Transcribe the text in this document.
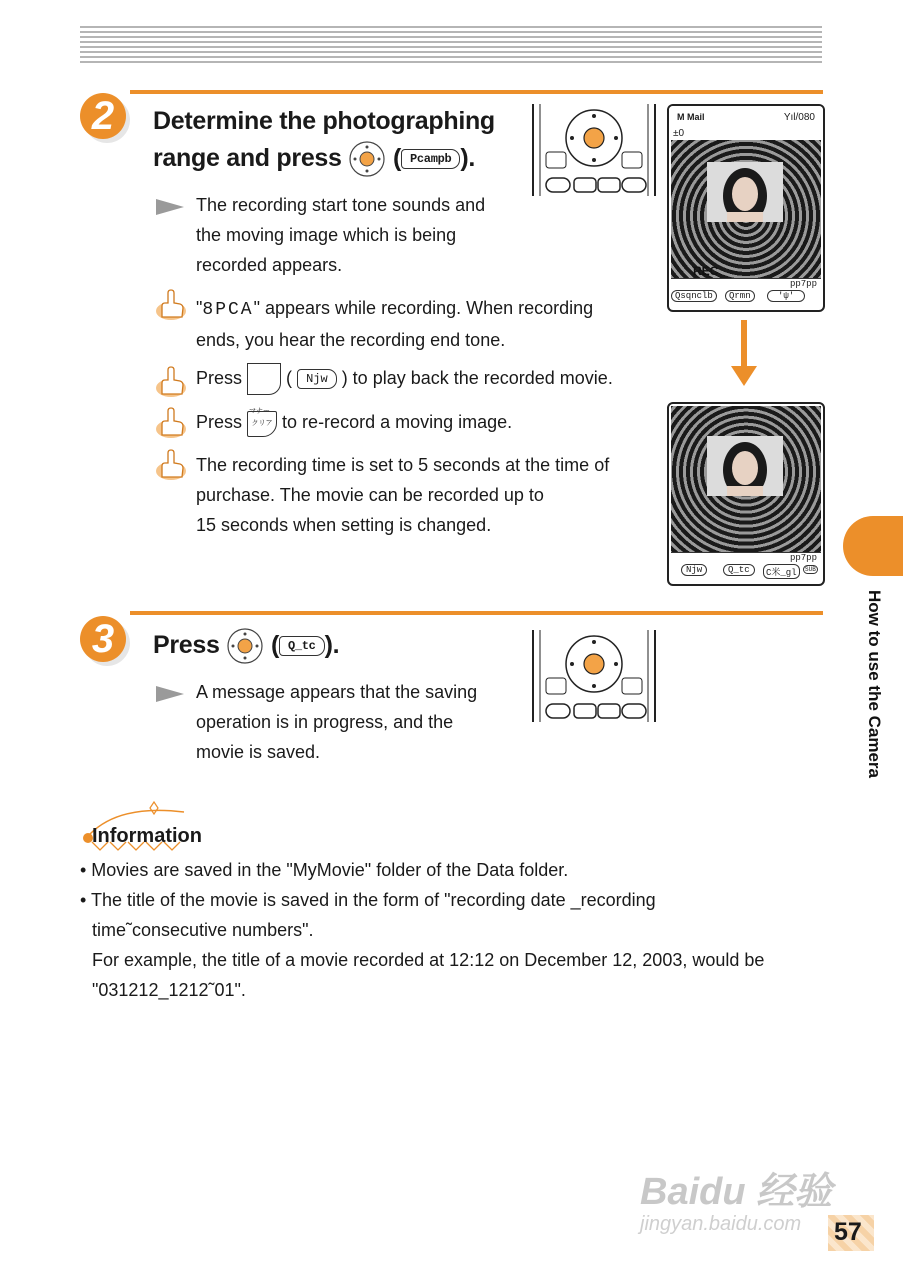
2	Determine the photographing
range and press ( Pcampb ).
The recording start tone sounds and
the moving image which is being
recorded appears.
"8PCA" appears while recording. When recording
ends, you hear the recording end tone.
Press ( Njw ) to play back the recorded movie.
Press
マナー
クリア to re-record a moving image.
The recording time is set to 5 seconds at the time of
purchase. The movie can be recorded up to
15 seconds when setting is changed.
M Mail	Yıl/080
±0
REC
pp7pp
Qsqnclb	Qrmn	'ψ'
pp7pp
Njw	Q_tc	C米_gl	SUB
3	Press ( Q_tc ).
A message appears that the saving
operation is in progress, and the
movie is saved.
Information
• Movies are saved in the "MyMovie" folder of the Data folder.
• The title of the movie is saved in the form of "recording date _recording
time˜consecutive numbers".
For example, the title of a movie recorded at 12:12 on December 12, 2003, would be
"031212_1212˜01".
How to use the Camera
Baidu 经验
jingyan.baidu.com 57
